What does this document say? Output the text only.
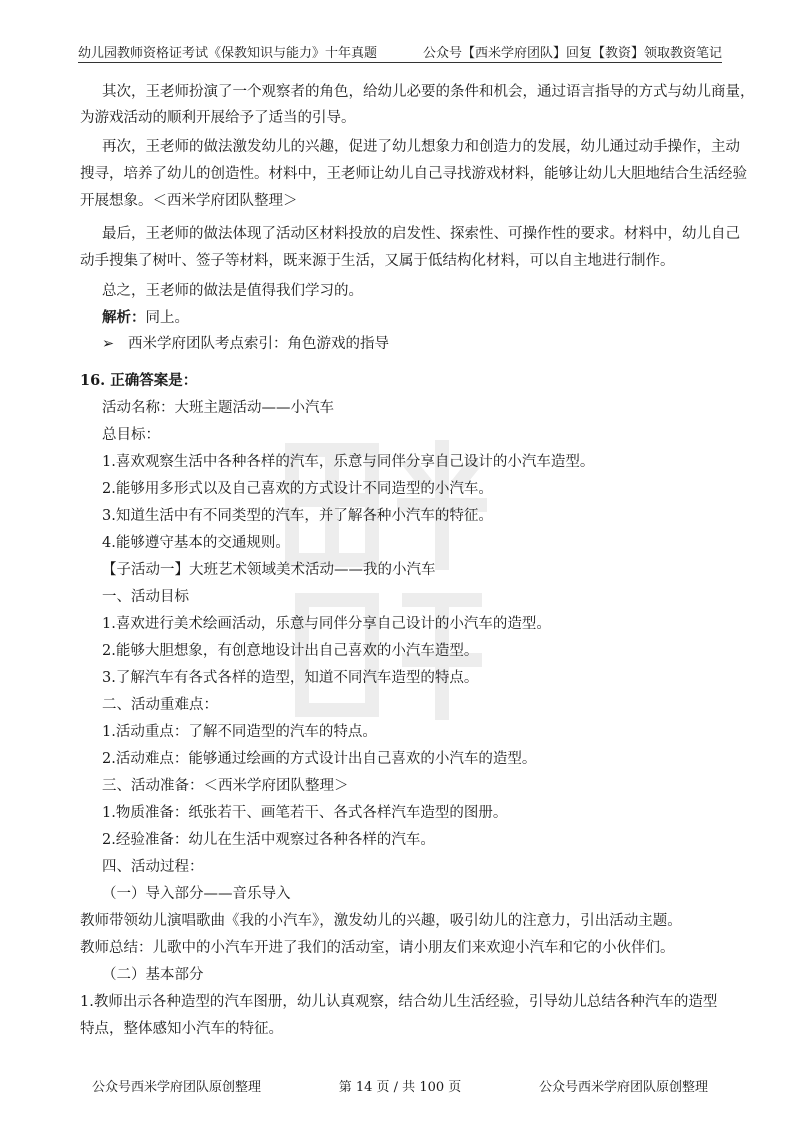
幼儿园教师资格证考试《保教知识与能力》十年真题	公众号【西米学府团队】回复【教资】领取教资笔记
其次，王老师扮演了一个观察者的角色，给幼儿必要的条件和机会，通过语言指导的方式与幼儿商量，
为游戏活动的顺利开展给予了适当的引导。
再次，王老师的做法激发幼儿的兴趣，促进了幼儿想象力和创造力的发展，幼儿通过动手操作，主动
搜寻，培养了幼儿的创造性。材料中，王老师让幼儿自己寻找游戏材料，能够让幼儿大胆地结合生活经验
开展想象。＜西米学府团队整理＞
最后，王老师的做法体现了活动区材料投放的启发性、探索性、可操作性的要求。材料中，幼儿自己
动手搜集了树叶、签子等材料，既来源于生活，又属于低结构化材料，可以自主地进行制作。
总之，王老师的做法是值得我们学习的。
解析：同上。
➢ 西米学府团队考点索引：角色游戏的指导
16. 正确答案是：
活动名称：大班主题活动——小汽车
总目标：
1.喜欢观察生活中各种各样的汽车，乐意与同伴分享自己设计的小汽车造型。
2.能够用多形式以及自己喜欢的方式设计不同造型的小汽车。
3.知道生活中有不同类型的汽车，并了解各种小汽车的特征。
4.能够遵守基本的交通规则。
【子活动一】大班艺术领域美术活动——我的小汽车
一、活动目标
1.喜欢进行美术绘画活动，乐意与同伴分享自己设计的小汽车的造型。
2.能够大胆想象，有创意地设计出自己喜欢的小汽车造型。
3.了解汽车有各式各样的造型，知道不同汽车造型的特点。
二、活动重难点：
1.活动重点：了解不同造型的汽车的特点。
2.活动难点：能够通过绘画的方式设计出自己喜欢的小汽车的造型。
三、活动准备：＜西米学府团队整理＞
1.物质准备：纸张若干、画笔若干、各式各样汽车造型的图册。
2.经验准备：幼儿在生活中观察过各种各样的汽车。
四、活动过程：
（一）导入部分——音乐导入
教师带领幼儿演唱歌曲《我的小汽车》，激发幼儿的兴趣，吸引幼儿的注意力，引出活动主题。
教师总结：儿歌中的小汽车开进了我们的活动室，请小朋友们来欢迎小汽车和它的小伙伴们。
（二）基本部分
1.教师出示各种造型的汽车图册，幼儿认真观察，结合幼儿生活经验，引导幼儿总结各种汽车的造型
特点，整体感知小汽车的特征。
公众号西米学府团队原创整理	第 14 页 / 共 100 页	公众号西米学府团队原创整理
